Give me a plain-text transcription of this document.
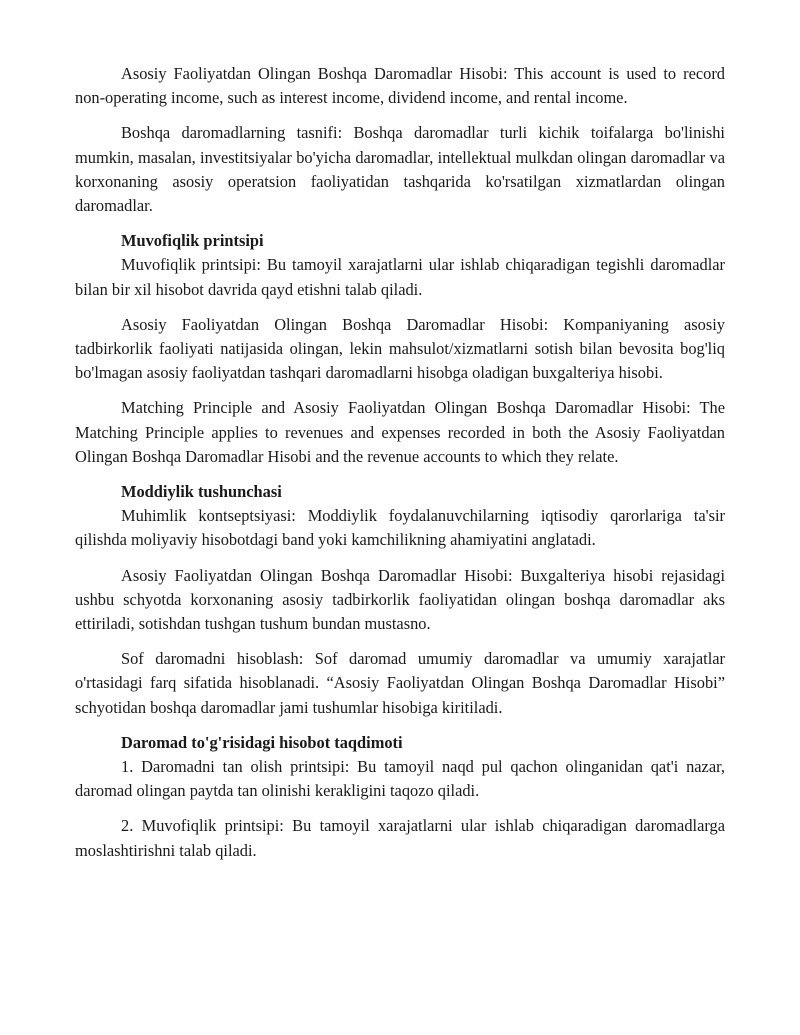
Asosiy Faoliyatdan Olingan Boshqa Daromadlar Hisobi: This account is used to record non-operating income, such as interest income, dividend income, and rental income.

Boshqa daromadlarning tasnifi: Boshqa daromadlar turli kichik toifalarga bo'linishi mumkin, masalan, investitsiyalar bo'yicha daromadlar, intellektual mulkdan olingan daromadlar va korxonaning asosiy operatsion faoliyatidan tashqarida ko'rsatilgan xizmatlardan olingan daromadlar.

Muvofiqlik printsipi

Muvofiqlik printsipi: Bu tamoyil xarajatlarni ular ishlab chiqaradigan tegishli daromadlar bilan bir xil hisobot davrida qayd etishni talab qiladi.

Asosiy Faoliyatdan Olingan Boshqa Daromadlar Hisobi: Kompaniyaning asosiy tadbirkorlik faoliyati natijasida olingan, lekin mahsulot/xizmatlarni sotish bilan bevosita bog'liq bo'lmagan asosiy faoliyatdan tashqari daromadlarni hisobga oladigan buxgalteriya hisobi.

Matching Principle and Asosiy Faoliyatdan Olingan Boshqa Daromadlar Hisobi: The Matching Principle applies to revenues and expenses recorded in both the Asosiy Faoliyatdan Olingan Boshqa Daromadlar Hisobi and the revenue accounts to which they relate.

Moddiylik tushunchasi

Muhimlik kontseptsiyasi: Moddiylik foydalanuvchilarning iqtisodiy qarorlariga ta'sir qilishda moliyaviy hisobotdagi band yoki kamchilikning ahamiyatini anglatadi.

Asosiy Faoliyatdan Olingan Boshqa Daromadlar Hisobi: Buxgalteriya hisobi rejasidagi ushbu schyotda korxonaning asosiy tadbirkorlik faoliyatidan olingan boshqa daromadlar aks ettiriladi, sotishdan tushgan tushum bundan mustasno.

Sof daromadni hisoblash: Sof daromad umumiy daromadlar va umumiy xarajatlar o'rtasidagi farq sifatida hisoblanadi. “Asosiy Faoliyatdan Olingan Boshqa Daromadlar Hisobi” schyotidan boshqa daromadlar jami tushumlar hisobiga kiritiladi.

Daromad to'g'risidagi hisobot taqdimoti

1. Daromadni tan olish printsipi: Bu tamoyil naqd pul qachon olinganidan qat'i nazar, daromad olingan paytda tan olinishi kerakligini taqozo qiladi.

2. Muvofiqlik printsipi: Bu tamoyil xarajatlarni ular ishlab chiqaradigan daromadlarga moslashtirishni talab qiladi.
